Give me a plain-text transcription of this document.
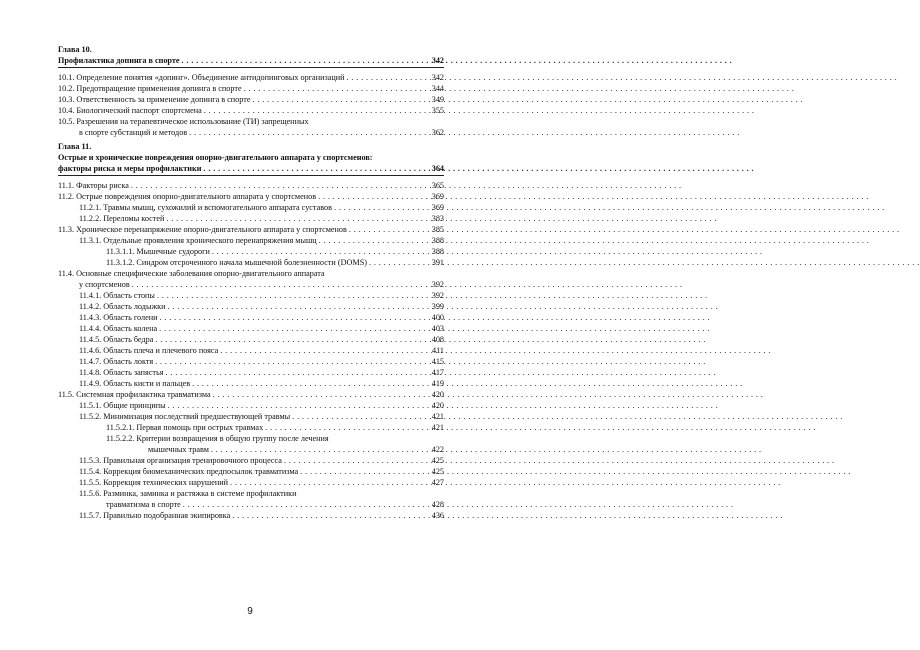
Глава 10.
Профилактика допинга в спорте . . .	342
10.1. Определение понятия «допинг». Объединение антидопинговых организаций . . .	342
10.2. Предотвращение применения допинга в спорте . . .	344
10.3. Ответственность за применение допинга в спорте . . .	349
10.4. Биологический паспорт спортсмена . . .	355
10.5. Разрешения на терапевтическое использование (ТИ) запрещенных
в спорте субстанций и методов . . .	362
Глава 11.
Острые и хронические повреждения опорно-двигательного аппарата у спортсменов:
факторы риска и меры профилактики . . .	364
11.1. Факторы риска . . .	365
11.2. Острые повреждения опорно-двигательного аппарата у спортсменов . . .	369
11.2.1. Травмы мышц, сухожилий и вспомогательного аппарата суставов . . .	369
11.2.2. Переломы костей . . .	383
11.3. Хроническое перенапряжение опорно-двигательного аппарата у спортсменов . . .	385
11.3.1. Отдельные проявления хронического перенапряжения мышц . . .	388
11.3.1.1. Мышечные судороги . . .	388
11.3.1.2. Синдром отсроченного начала мышечной болезненности (DOMS) . . .	391
11.4. Основные специфические заболевания опорно-двигательного аппарата
у спортсменов . . .	392
11.4.1. Область стопы . . .	392
11.4.2. Область лодыжки . . .	399
11.4.3. Область голени . . .	400
11.4.4. Область колена . . .	403
11.4.5. Область бедра . . .	408
11.4.6. Область плеча и плечевого пояса . . .	411
11.4.7. Область локтя . . .	415
11.4.8. Область запястья . . .	417
11.4.9. Область кисти и пальцев . . .	419
11.5. Системная профилактика травматизма . . .	420
11.5.1. Общие принципы . . .	420
11.5.2. Минимизация последствий предшествующей травмы . . .	421
11.5.2.1. Первая помощь при острых травмах . . .	421
11.5.2.2. Критерии возвращения в общую группу после лечения
мышечных травм . . .	422
11.5.3. Правильная организация тренировочного процесса . . .	425
11.5.4. Коррекция биомеханических предпосылок травматизма . . .	425
11.5.5. Коррекция технических нарушений . . .	427
11.5.6. Разминка, заминка и растяжка в системе профилактики
травматизма в спорте . . .	428
11.5.7. Правильно подобранная экипировка . . .	436
9
